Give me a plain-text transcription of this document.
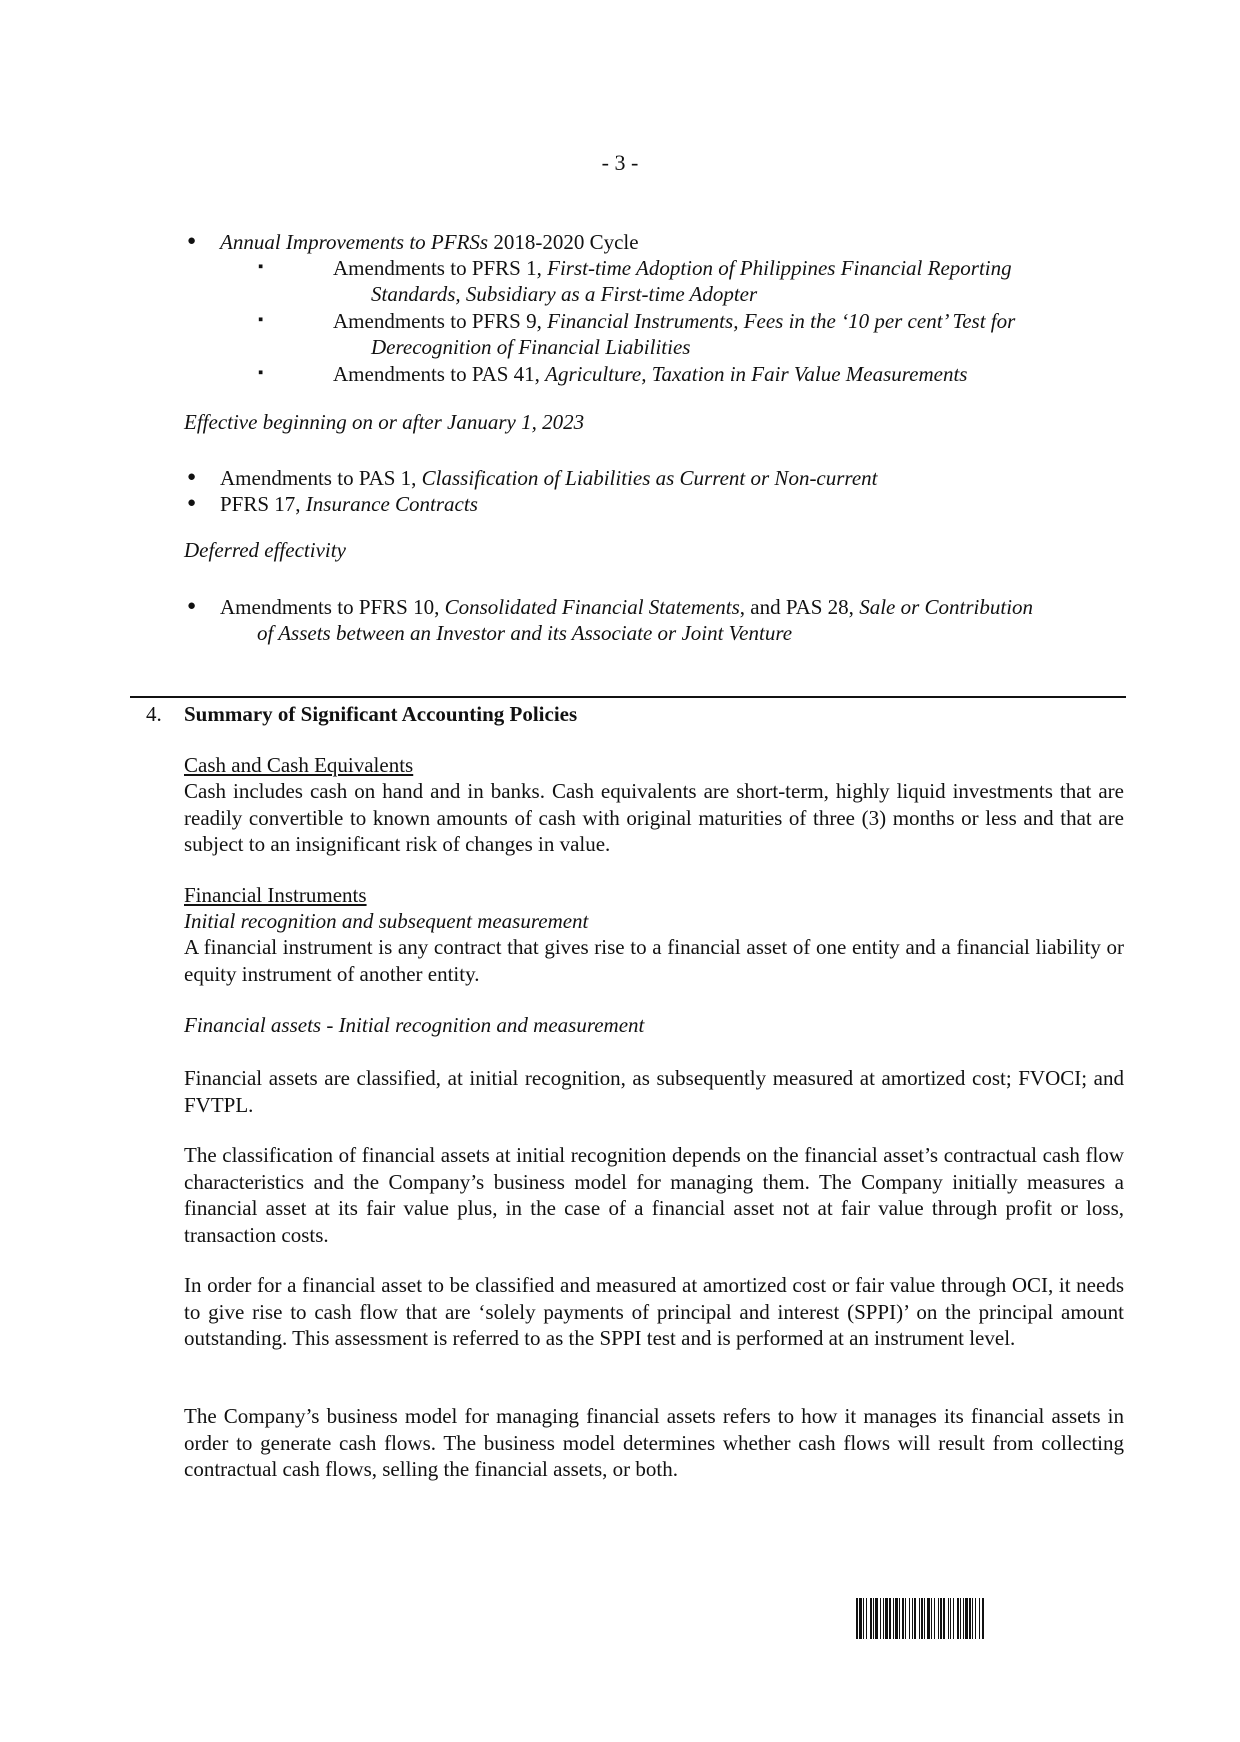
- 3 -
● Annual Improvements to PFRSs 2018-2020 Cycle
▪	Amendments to PFRS 1, First-time Adoption of Philippines Financial Reporting
Standards, Subsidiary as a First-time Adopter
▪	Amendments to PFRS 9, Financial Instruments, Fees in the ‘10 per cent’ Test for
Derecognition of Financial Liabilities
▪	Amendments to PAS 41, Agriculture, Taxation in Fair Value Measurements
Effective beginning on or after January 1, 2023
● Amendments to PAS 1, Classification of Liabilities as Current or Non-current
● PFRS 17, Insurance Contracts
Deferred effectivity
● Amendments to PFRS 10, Consolidated Financial Statements, and PAS 28, Sale or Contribution
of Assets between an Investor and its Associate or Joint Venture
4. Summary of Significant Accounting Policies
Cash and Cash Equivalents
Cash includes cash on hand and in banks. Cash equivalents are short-term, highly liquid investments that are readily convertible to known amounts of cash with original maturities of three (3) months or less and that are subject to an insignificant risk of changes in value.
Financial Instruments
Initial recognition and subsequent measurement
A financial instrument is any contract that gives rise to a financial asset of one entity and a financial liability or equity instrument of another entity.
Financial assets - Initial recognition and measurement
Financial assets are classified, at initial recognition, as subsequently measured at amortized cost; FVOCI; and FVTPL.
The classification of financial assets at initial recognition depends on the financial asset’s contractual cash flow characteristics and the Company’s business model for managing them. The Company initially measures a financial asset at its fair value plus, in the case of a financial asset not at fair value through profit or loss, transaction costs.
In order for a financial asset to be classified and measured at amortized cost or fair value through OCI, it needs to give rise to cash flow that are ‘solely payments of principal and interest (SPPI)’ on the principal amount outstanding. This assessment is referred to as the SPPI test and is performed at an instrument level.
The Company’s business model for managing financial assets refers to how it manages its financial assets in order to generate cash flows. The business model determines whether cash flows will result from collecting contractual cash flows, selling the financial assets, or both.
